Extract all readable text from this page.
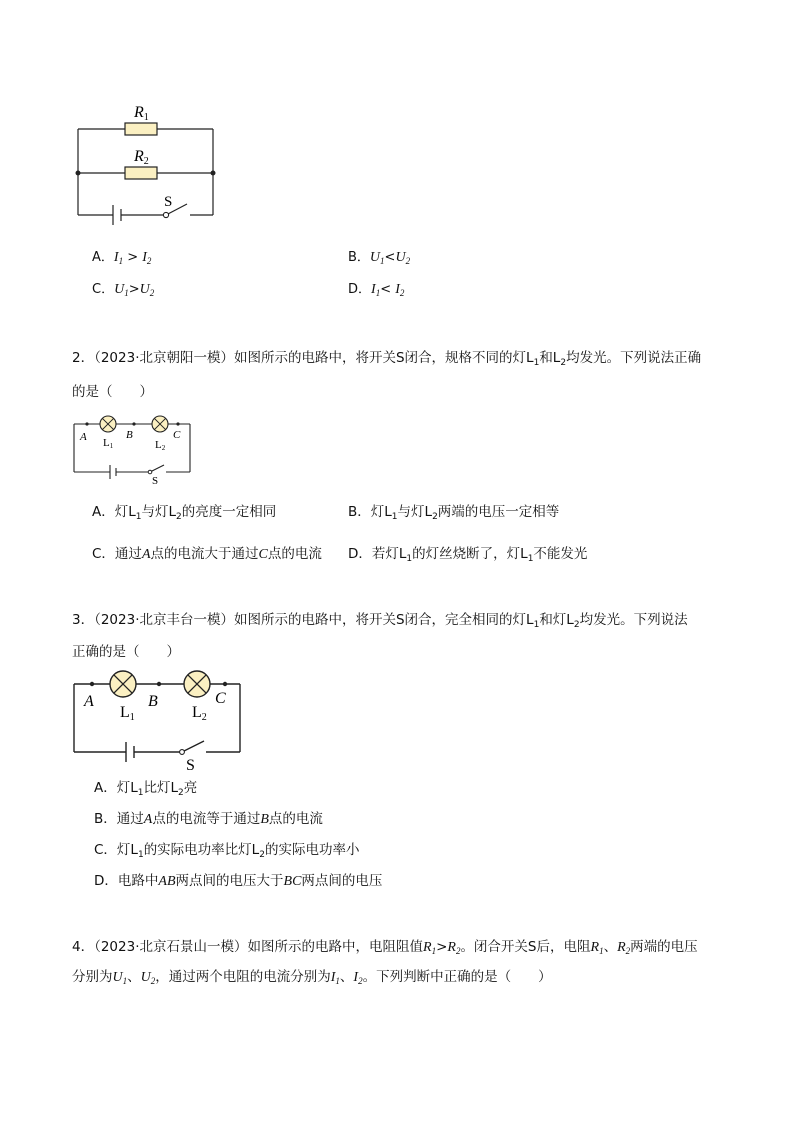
R1
R2
S
A．$I_1 > I_2$	B．$U_1<U_2$
C．$U_1>U_2$	D．$I_1< I_2$
2．（2023·北京朝阳一模）如图所示的电路中，将开关S闭合，规格不同的灯$L_1$和$L_2$均发光。下列说法正确
的是（　　）
A	B	C
L1	L2
S
A．灯$L_1$与灯$L_2$的亮度一定相同	B．灯$L_1$与灯$L_2$两端的电压一定相等
C．通过A点的电流大于通过C点的电流 D．若灯$L_1$的灯丝烧断了，灯$L_1$不能发光
3．（2023·北京丰台一模）如图所示的电路中，将开关S闭合，完全相同的灯$L_1$和灯$L_2$均发光。下列说法
正确的是（　　）
A	B	C
L1	L2
S
A．灯$L_1$比灯$L_2$亮
B．通过A点的电流等于通过B点的电流
C．灯$L_1$的实际电功率比灯$L_2$的实际电功率小
D．电路中AB两点间的电压大于BC两点间的电压
4．（2023·北京石景山一模）如图所示的电路中，电阻阻值$R_1>R_2$。闭合开关S后，电阻$R_1$、$R_2$两端的电压
分别为$U_1$、$U_2$，通过两个电阻的电流分别为$I_1$、$I_2$。下列判断中正确的是（　　）
